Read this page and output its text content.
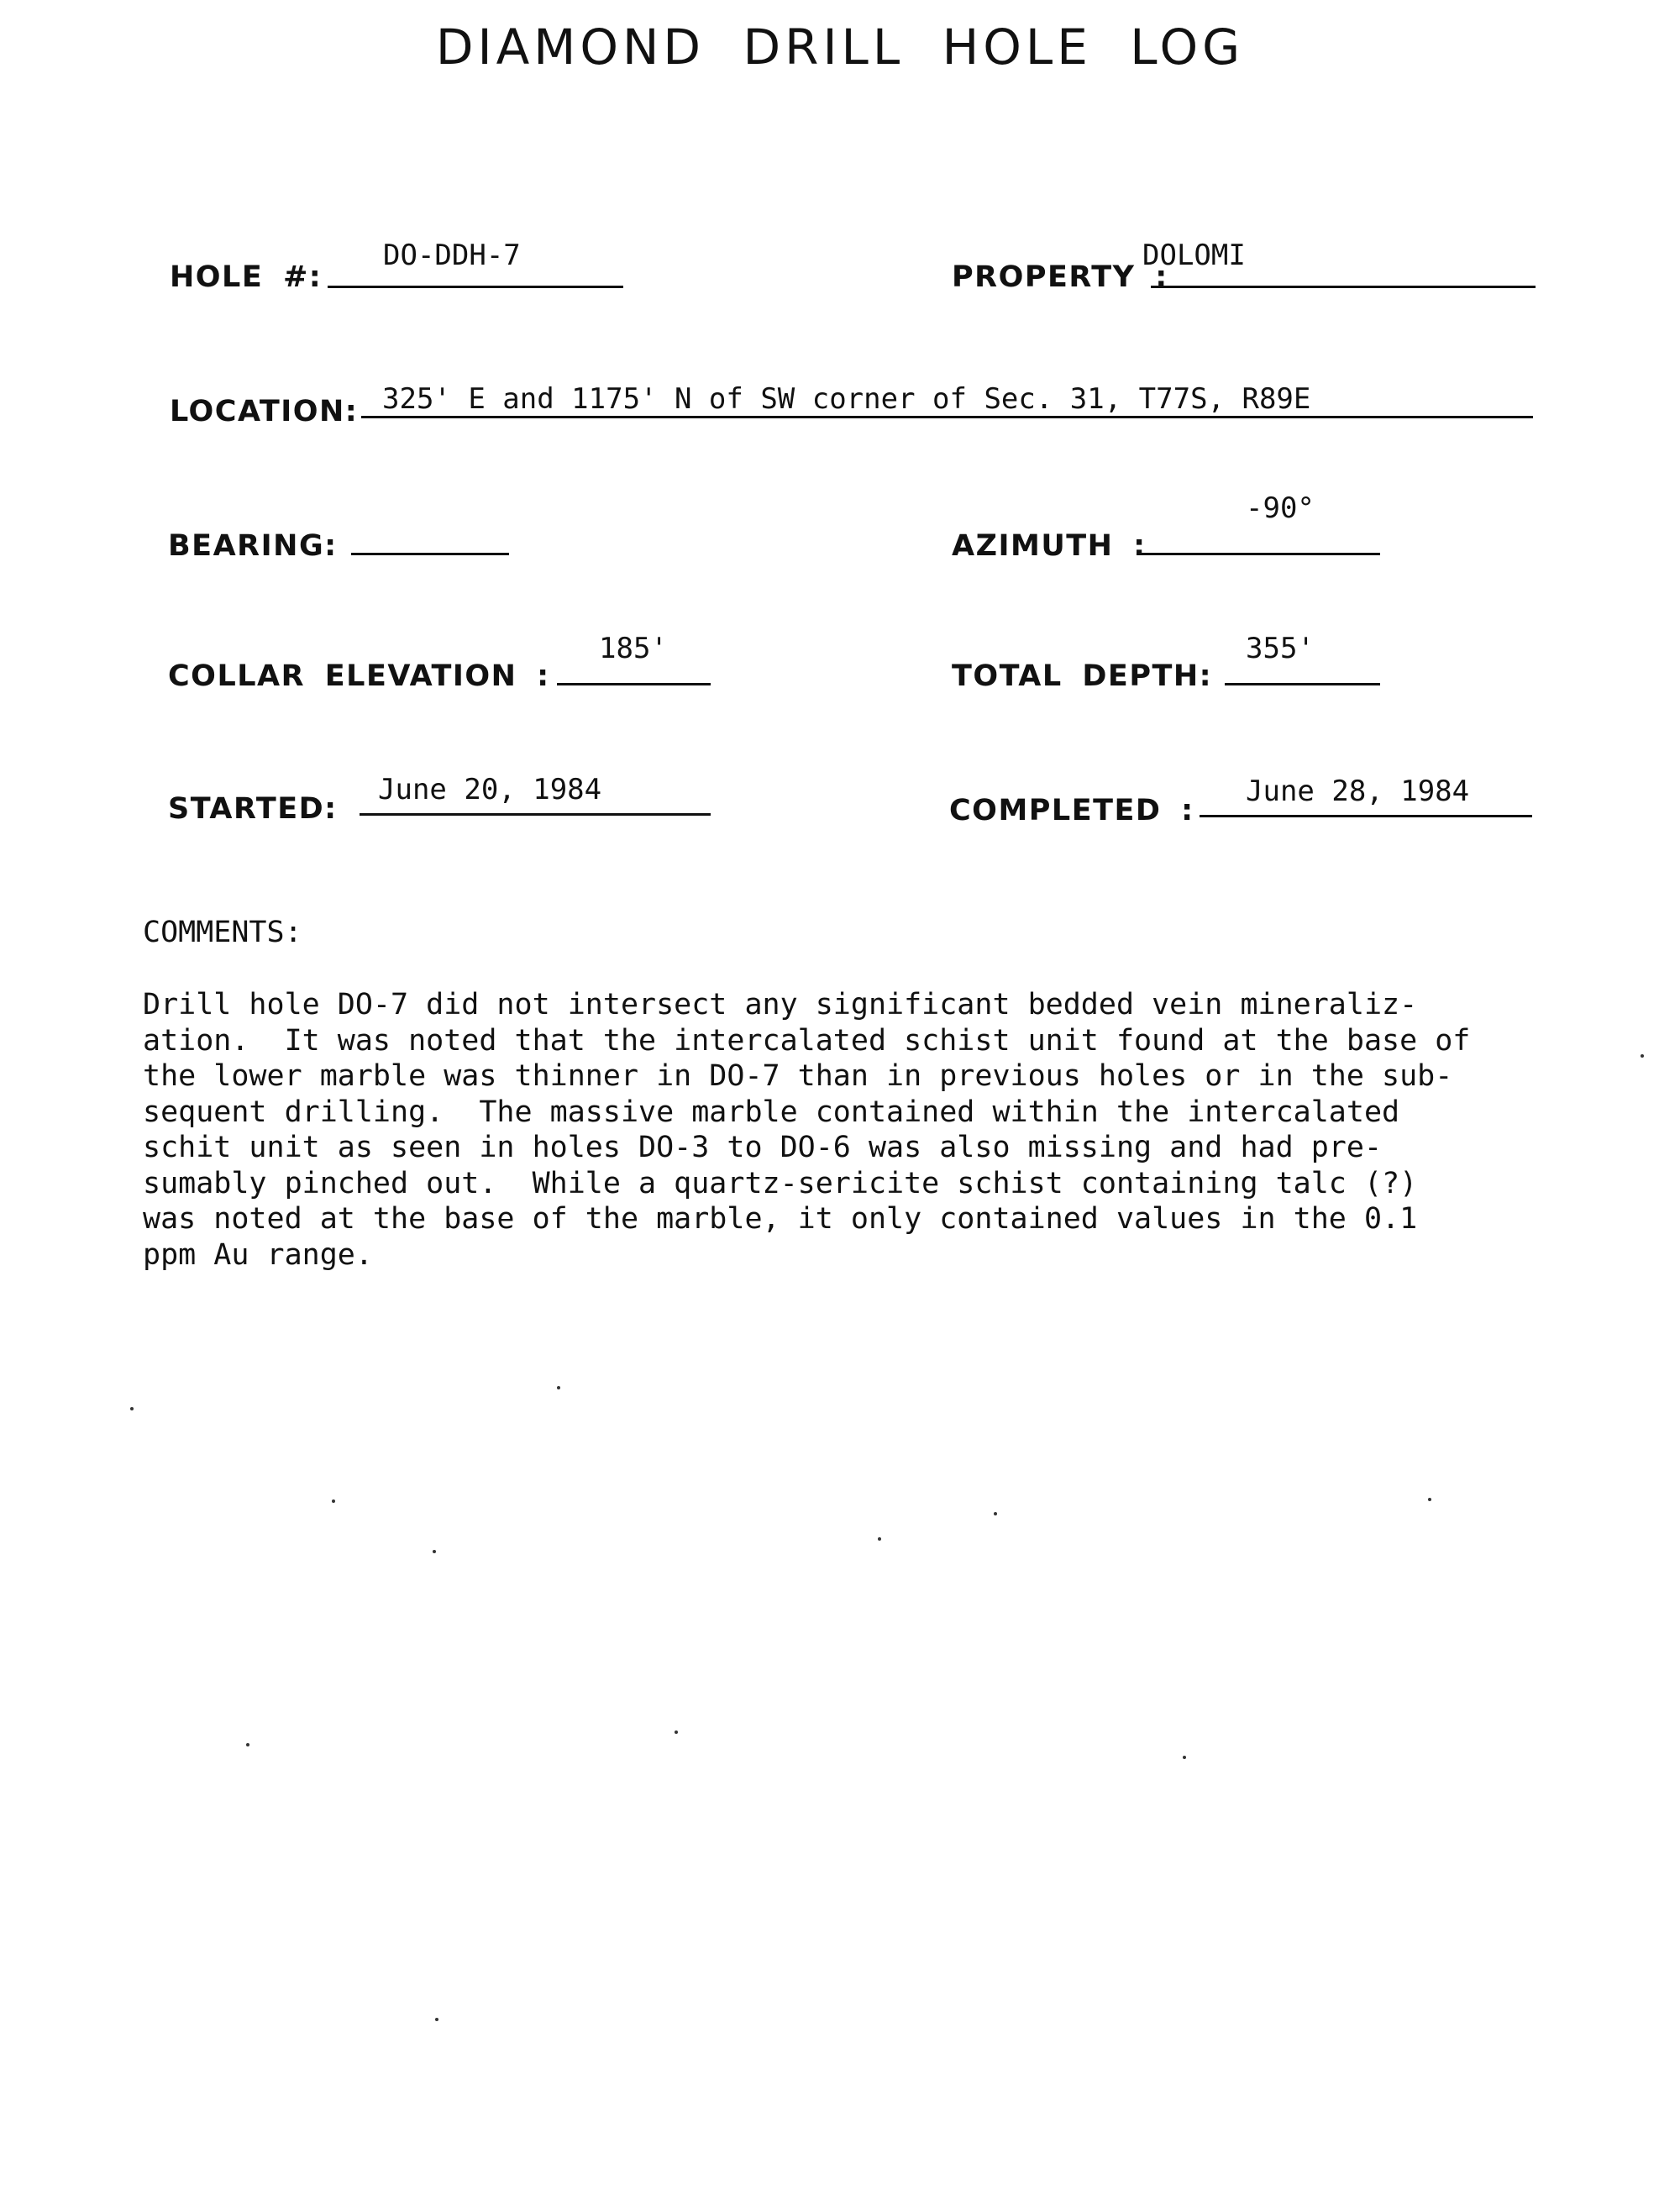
DIAMOND DRILL HOLE LOG
HOLE #:
DO-DDH-7
PROPERTY :
DOLOMI
LOCATION: 325' E and 1175' N of SW corner of Sec. 31, T77S, R89E
BEARING:	AZIMUTH :
-90°
COLLAR ELEVATION :
185'
TOTAL DEPTH:
355'
STARTED:
June 20, 1984
COMPLETED :
June 28, 1984
COMMENTS:
Drill hole DO-7 did not intersect any significant bedded vein mineraliz-
ation.  It was noted that the intercalated schist unit found at the base of
the lower marble was thinner in DO-7 than in previous holes or in the sub-
sequent drilling.  The massive marble contained within the intercalated
schit unit as seen in holes DO-3 to DO-6 was also missing and had pre-
sumably pinched out.  While a quartz-sericite schist containing talc (?)
was noted at the base of the marble, it only contained values in the 0.1
ppm Au range.
